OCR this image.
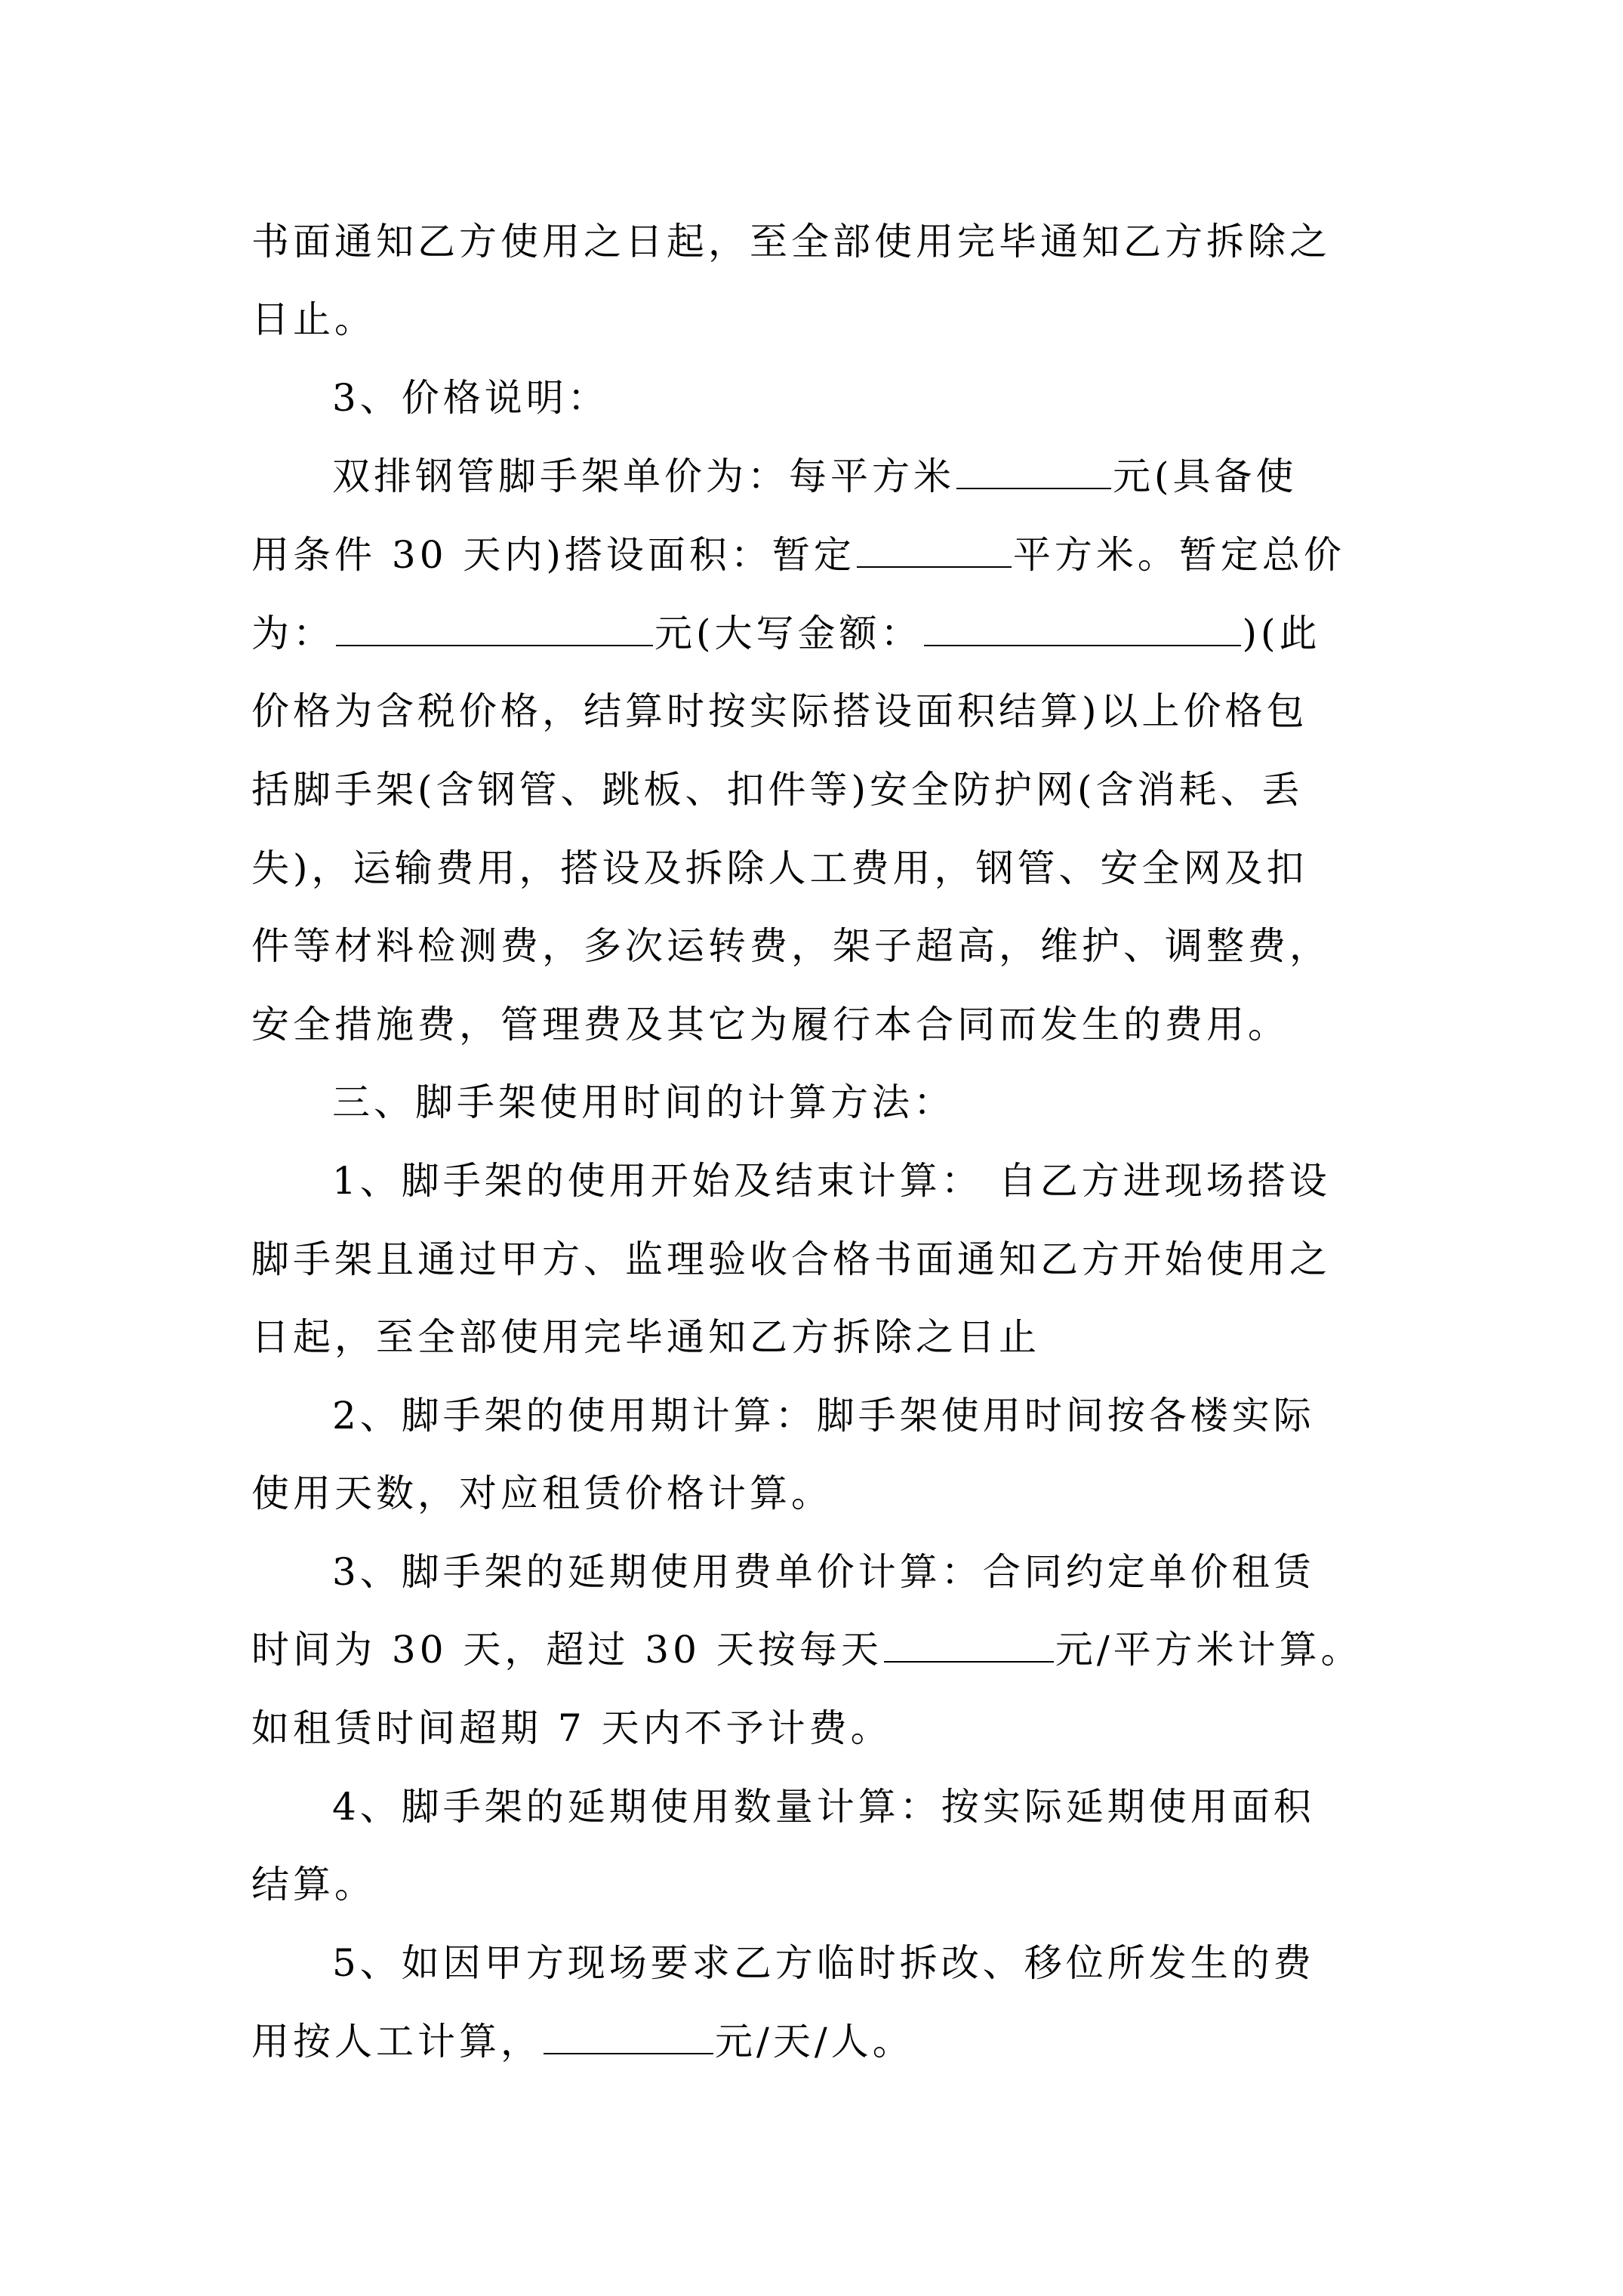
书面通知乙方使用之日起，至全部使用完毕通知乙方拆除之
日止。
3、价格说明：
双排钢管脚手架单价为：每平方米	元(具备使
用条件 30 天内)搭设面积：暂定	平方米。暂定总价
为：	元(大写金额：	)(此
价格为含税价格，结算时按实际搭设面积结算)以上价格包
括脚手架(含钢管、跳板、扣件等)安全防护网(含消耗、丢
失)，运输费用，搭设及拆除人工费用，钢管、安全网及扣
件等材料检测费，多次运转费，架子超高，维护、调整费，
安全措施费，管理费及其它为履行本合同而发生的费用。
三、脚手架使用时间的计算方法：
1、脚手架的使用开始及结束计算： 自乙方进现场搭设
脚手架且通过甲方、监理验收合格书面通知乙方开始使用之
日起，至全部使用完毕通知乙方拆除之日止
2、脚手架的使用期计算：脚手架使用时间按各楼实际
使用天数，对应租赁价格计算。
3、脚手架的延期使用费单价计算：合同约定单价租赁
时间为 30 天，超过 30 天按每天	元/平方米计算。
如租赁时间超期 7 天内不予计费。
4、脚手架的延期使用数量计算：按实际延期使用面积
结算。
5、如因甲方现场要求乙方临时拆改、移位所发生的费
用按人工计算，	元/天/人。
